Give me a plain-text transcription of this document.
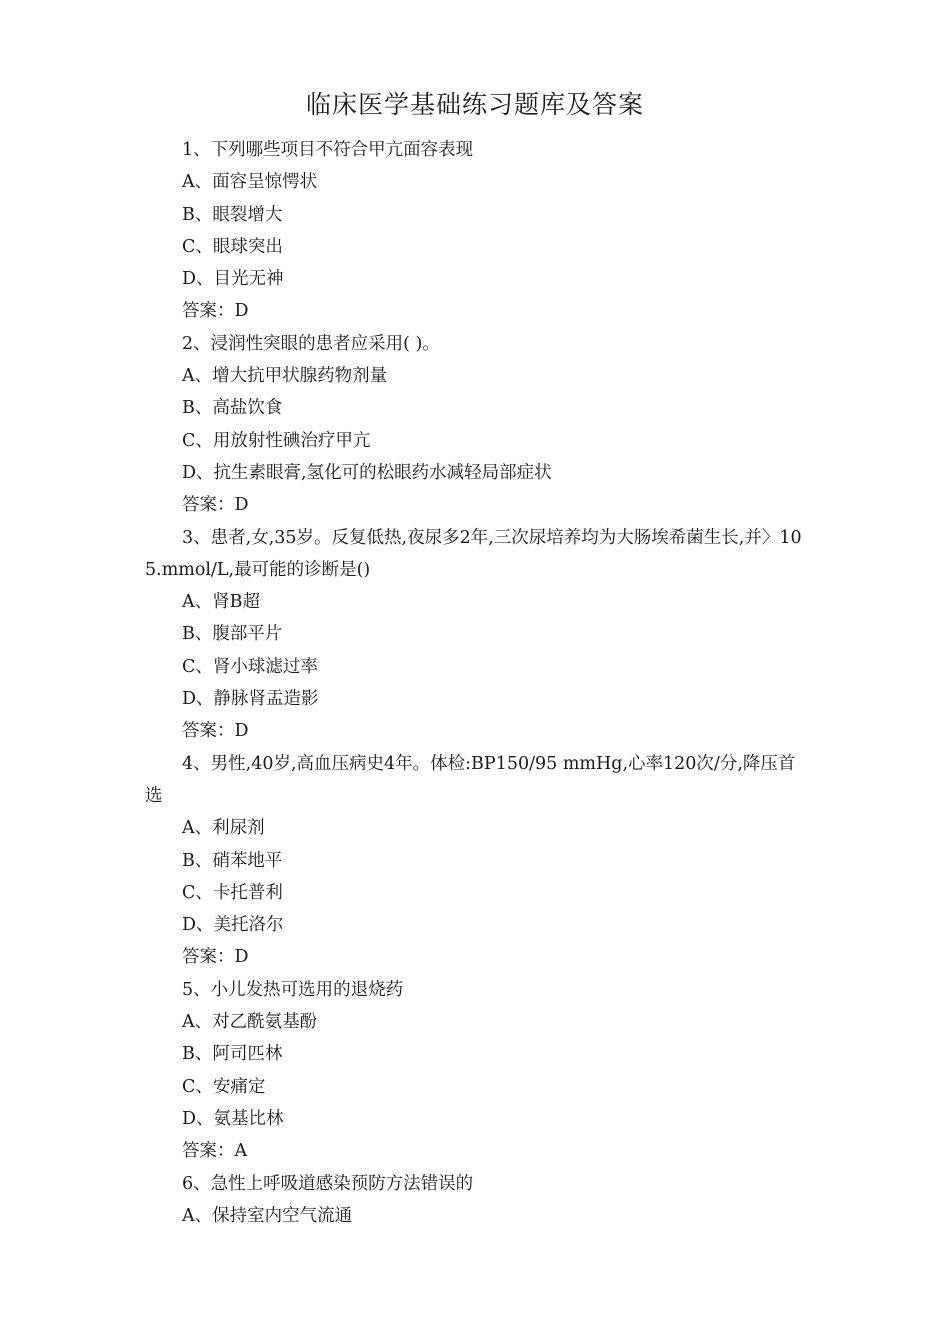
临床医学基础练习题库及答案
1、下列哪些项目不符合甲亢面容表现
A、面容呈惊愕状
B、眼裂增大
C、眼球突出
D、目光无神
答案：D
2、浸润性突眼的患者应采用( )。
A、增大抗甲状腺药物剂量
B、高盐饮食
C、用放射性碘治疗甲亢
D、抗生素眼膏,氢化可的松眼药水减轻局部症状
答案：D
3、患者,女,35岁。反复低热,夜尿多2年,三次尿培养均为大肠埃希菌生长,并〉10 5.mmol/L,最可能的诊断是()
A、肾B超
B、腹部平片
C、肾小球滤过率
D、静脉肾盂造影
答案：D
4、男性,40岁,高血压病史4年。体检:BP150/95 mmHg,心率120次/分,降压首选
A、利尿剂
B、硝苯地平
C、卡托普利
D、美托洛尔
答案：D
5、小儿发热可选用的退烧药
A、对乙酰氨基酚
B、阿司匹林
C、安痛定
D、氨基比林
答案：A
6、急性上呼吸道感染预防方法错误的
A、保持室内空气流通
